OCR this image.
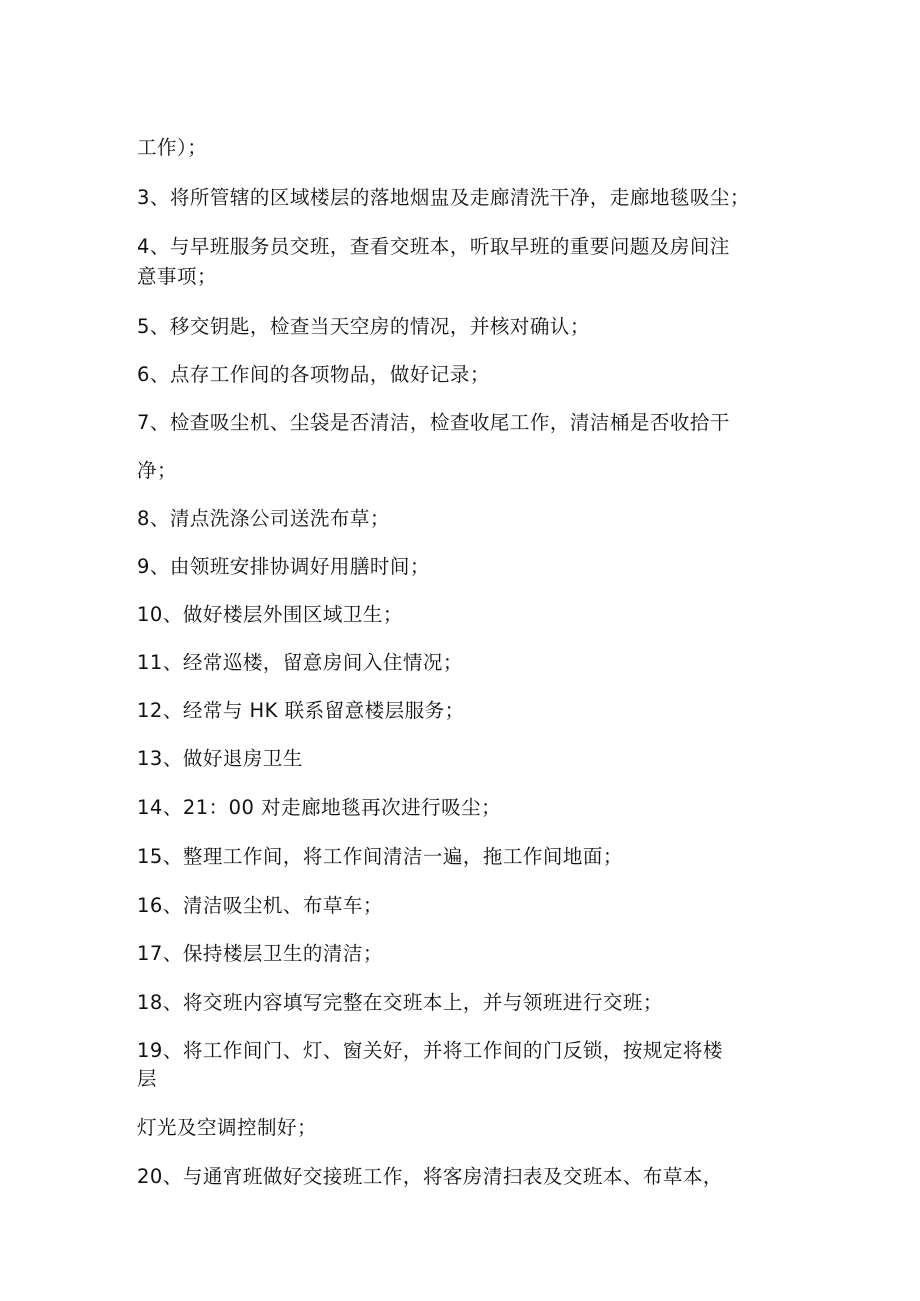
工作）；
3、将所管辖的区域楼层的落地烟盅及走廊清洗干净，走廊地毯吸尘；
4、与早班服务员交班，查看交班本，听取早班的重要问题及房间注
意事项；
5、移交钥匙，检查当天空房的情况，并核对确认；
6、点存工作间的各项物品，做好记录；
7、检查吸尘机、尘袋是否清洁，检查收尾工作，清洁桶是否收拾干
净；
8、清点洗涤公司送洗布草；
9、由领班安排协调好用膳时间；
10、做好楼层外围区域卫生；
11、经常巡楼，留意房间入住情况；
12、经常与 HK 联系留意楼层服务；
13、做好退房卫生
14、21：00 对走廊地毯再次进行吸尘；
15、整理工作间，将工作间清洁一遍，拖工作间地面；
16、清洁吸尘机、布草车；
17、保持楼层卫生的清洁；
18、将交班内容填写完整在交班本上，并与领班进行交班；
19、将工作间门、灯、窗关好，并将工作间的门反锁，按规定将楼
层
灯光及空调控制好；
20、与通宵班做好交接班工作，将客房清扫表及交班本、布草本，
